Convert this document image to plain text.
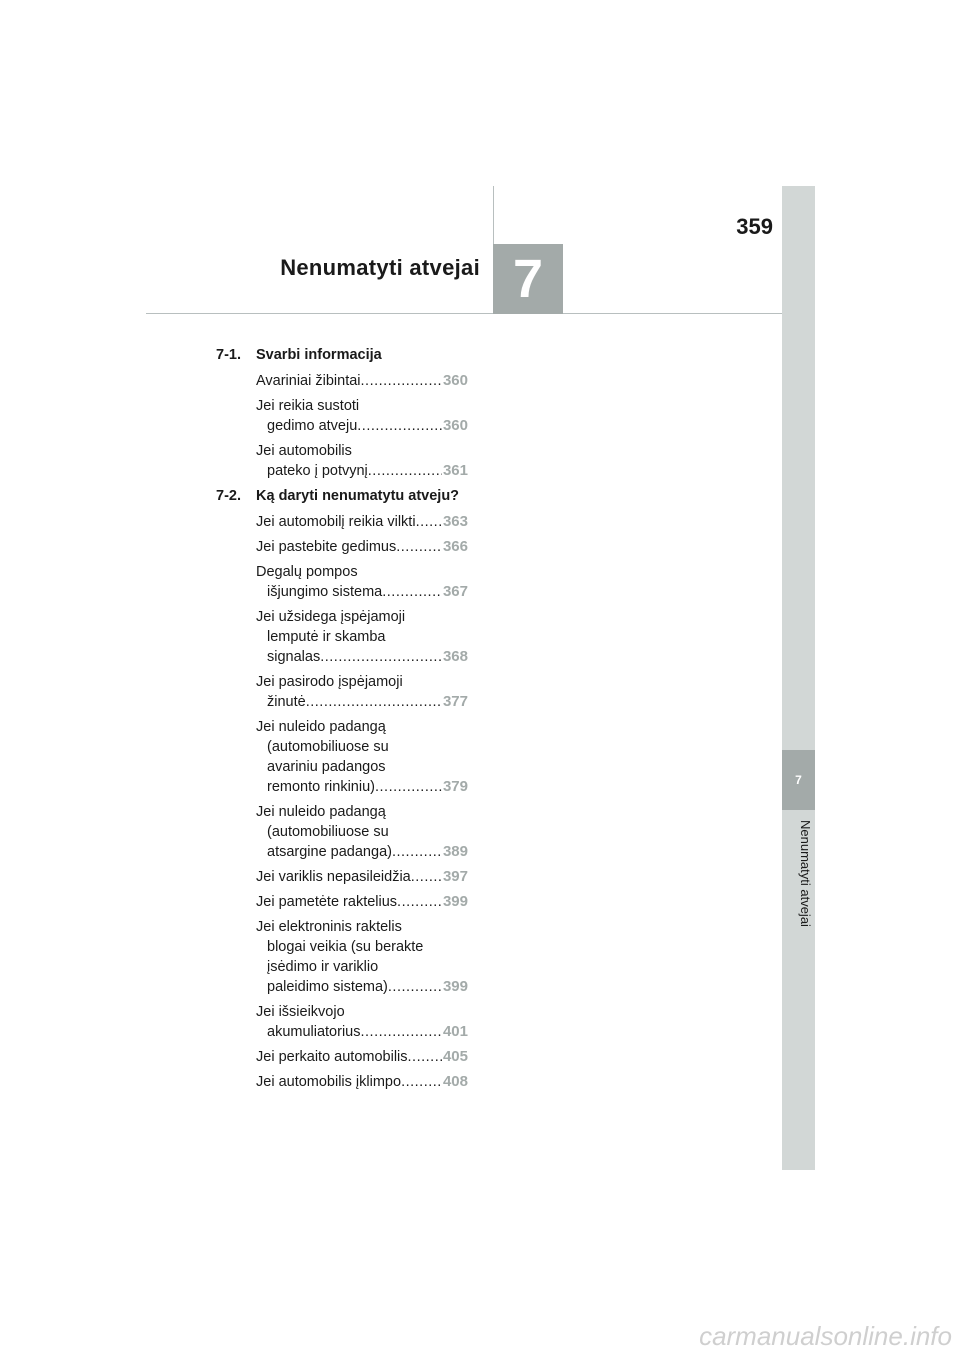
359
Nenumatyti atvejai 7
7
Nenumatyti atvejai
7-1.	Svarbi informacija
Avariniai žibintai .....	360
Jei reikia sustoti
gedimo atveju .....	360
Jei automobilis
pateko į potvynį .....	361
7-2.	Ką daryti nenumatytu atveju?
Jei automobilį reikia vilkti ..... 363
Jei pastebite gedimus .....	366
Degalų pompos
išjungimo sistema .....	367
Jei užsidega įspėjamoji
lemputė ir skamba
signalas .....	368
Jei pasirodo įspėjamoji
žinutė .....	377
Jei nuleido padangą
(automobiliuose su
avariniu padangos
remonto rinkiniu) .....	379
Jei nuleido padangą
(automobiliuose su
atsargine padanga) .....	389
Jei variklis nepasileidžia ..... 397
Jei pametėte raktelius .....	399
Jei elektroninis raktelis
blogai veikia (su berakte
įsėdimo ir variklio
paleidimo sistema) .....	399
Jei išsieikvojo
akumuliatorius .....	401
Jei perkaito automobilis ..... 405
Jei automobilis įklimpo .....	408
carmanualsonline.info
